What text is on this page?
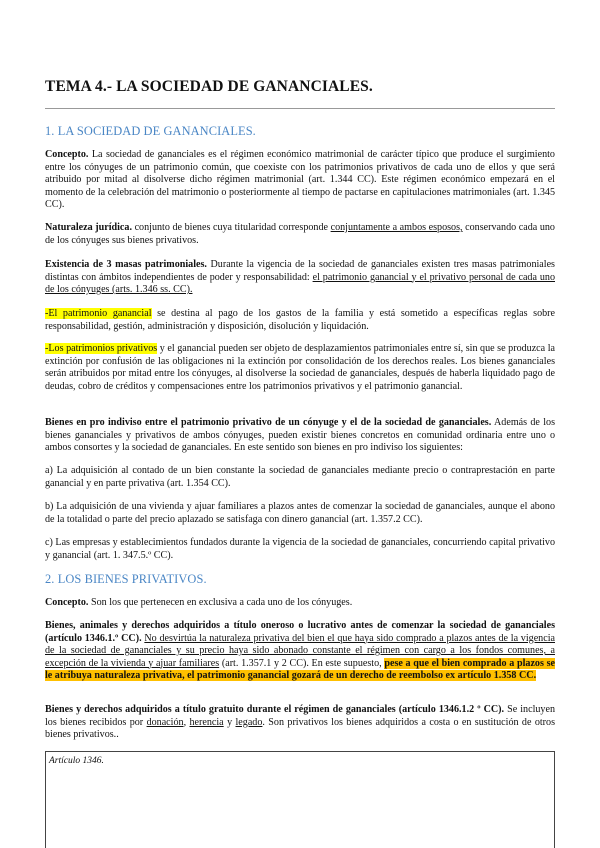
TEMA 4.- LA SOCIEDAD DE GANANCIALES.
1. LA SOCIEDAD DE GANANCIALES.

Concepto. La sociedad de gananciales es el régimen económico matrimonial de carácter típico que produce el surgimiento entre los cónyuges de un patrimonio común, que coexiste con los patrimonios privativos de cada uno de ellos y que será atribuido por mitad al disolverse dicho régimen matrimonial (art. 1.344 CC). Este régimen económico empezará en el momento de la celebración del matrimonio o posteriormente al tiempo de pactarse en capitulaciones matrimoniales (art. 1.345 CC).

Naturaleza jurídica. conjunto de bienes cuya titularidad corresponde conjuntamente a ambos esposos, conservando cada uno de los cónyuges sus bienes privativos.

Existencia de 3 masas patrimoniales. Durante la vigencia de la sociedad de gananciales existen tres masas patrimoniales distintas con ámbitos independientes de poder y responsabilidad: el patrimonio ganancial y el privativo personal de cada uno de los cónyuges (arts. 1.346 ss. CC).

-El patrimonio ganancial se destina al pago de los gastos de la familia y está sometido a específicas reglas sobre responsabilidad, gestión, administración y disposición, disolución y liquidación.

-Los patrimonios privativos y el ganancial pueden ser objeto de desplazamientos patrimoniales entre sí, sin que se produzca la extinción por confusión de las obligaciones ni la extinción por consolidación de los derechos reales. Los bienes gananciales serán atribuidos por mitad entre los cónyuges, al disolverse la sociedad de gananciales, después de haberla liquidado pago de deudas, cobro de créditos y compensaciones entre los patrimonios privativos y el patrimonio ganancial.

Bienes en pro indiviso entre el patrimonio privativo de un cónyuge y el de la sociedad de gananciales. Además de los bienes gananciales y privativos de ambos cónyuges, pueden existir bienes concretos en comunidad ordinaria entre uno o ambos consortes y la sociedad de gananciales. En este sentido son bienes en pro indiviso los siguientes:

a) La adquisición al contado de un bien constante la sociedad de gananciales mediante precio o contraprestación en parte ganancial y en parte privativa (art. 1.354 CC).

b) La adquisición de una vivienda y ajuar familiares a plazos antes de comenzar la sociedad de gananciales, aunque el abono de la totalidad o parte del precio aplazado se satisfaga con dinero ganancial (art. 1.357.2 CC).

c) Las empresas y establecimientos fundados durante la vigencia de la sociedad de gananciales, concurriendo capital privativo y ganancial (art. 1. 347.5.º CC).

2. LOS BIENES PRIVATIVOS.

Concepto. Son los que pertenecen en exclusiva a cada uno de los cónyuges.

Bienes, animales y derechos adquiridos a título oneroso o lucrativo antes de comenzar la sociedad de gananciales (artículo 1346.1.º CC). No desvirtúa la naturaleza privativa del bien el que haya sido comprado a plazos antes de la vigencia de la sociedad de gananciales y su precio haya sido abonado constante el régimen con cargo a los fondos comunes, a excepción de la vivienda y ajuar familiares (art. 1.357.1 y 2 CC). En este supuesto, pese a que el bien comprado a plazos se le atribuya naturaleza privativa, el patrimonio ganancial gozará de un derecho de reembolso ex artículo 1.358 CC.

Bienes y derechos adquiridos a título gratuito durante el régimen de gananciales (artículo 1346.1.2 º CC). Se incluyen los bienes recibidos por donación, herencia y legado. Son privativos los bienes adquiridos a costa o en sustitución de otros bienes privativos..

Artículo 1346.
